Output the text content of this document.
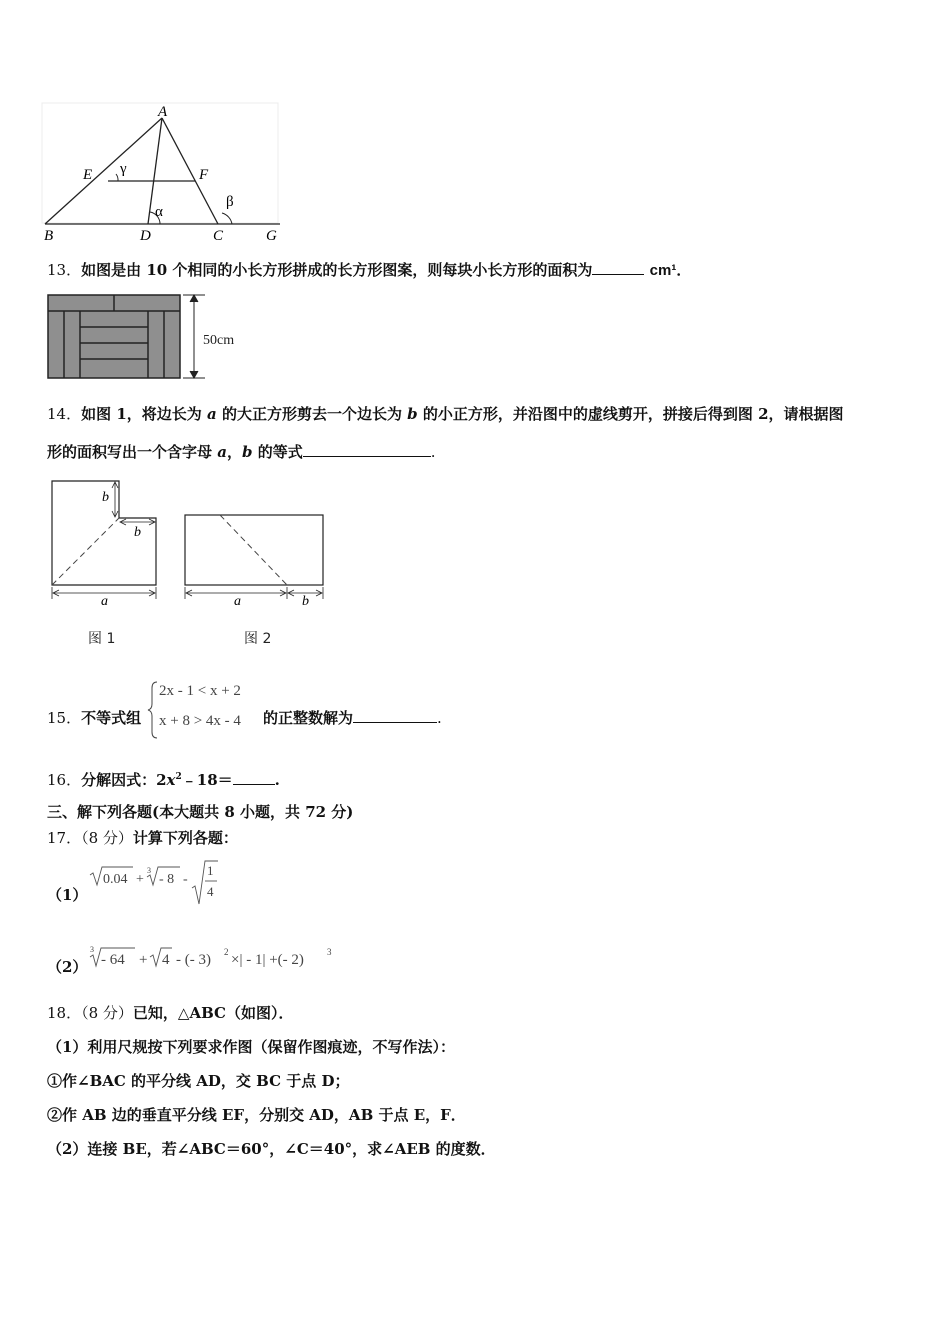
A
E	F
γ
α
β
B	D	C	G
13．如图是由 10 个相同的小长方形拼成的长方形图案，则每块小长方形的面积为	cm¹．
50cm
14．如图 1，将边长为 a 的大正方形剪去一个边长为 b 的小正方形，并沿图中的虚线剪开，拼接后得到图 2，请根据图
形的面积写出一个含字母 a，b 的等式	.
b
b
a
图 1
a	b
图 2
15．不等式组
2x - 1 < x + 2
x + 8 > 4x - 4 的正整数解为	.
16．分解因式：$2x^2﹣18=$	.
三、解下列各题(本大题共 8 小题，共 72 分)
17．（8 分）计算下列各题：
（1）
0.04 +
3
- 8 -
1
4
（2）
3
- 64 + 4 - (- 3) 2 ×| - 1| +(- 2)	3
18．（8 分）已知，△ABC（如图）．
（1）利用尺规按下列要求作图（保留作图痕迹，不写作法）：
①作∠BAC 的平分线 AD，交 BC 于点 D；
②作 AB 边的垂直平分线 EF，分别交 AD，AB 于点 E，F．
（2）连接 BE，若∠ABC＝60°，∠C＝40°，求∠AEB 的度数．
